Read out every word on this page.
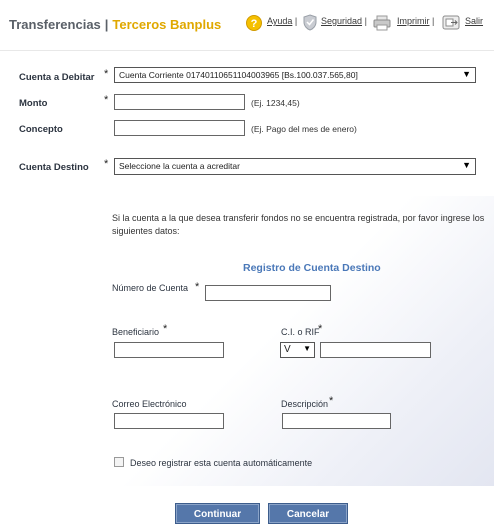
Transferencias | Terceros Banplus	?	Ayuda |	Seguridad |	Imprimir |	Salir
Cuenta a Debitar *	Cuenta Corriente 01740110651104003965 [Bs.100.037.565,80]	▼
Monto	*	(Ej. 1234,45)
Concepto	(Ej. Pago del mes de enero)
Cuenta Destino *	Seleccione la cuenta a acreditar	▼
Si la cuenta a la que desea transferir fondos no se encuentra registrada, por favor ingrese los siguientes datos:
Registro de Cuenta Destino
Número de Cuenta *
Beneficiario *	C.I. o RIF
*
V ▼
Correo Electrónico	Descripción *
Deseo registrar esta cuenta automáticamente
Continuar	Cancelar
